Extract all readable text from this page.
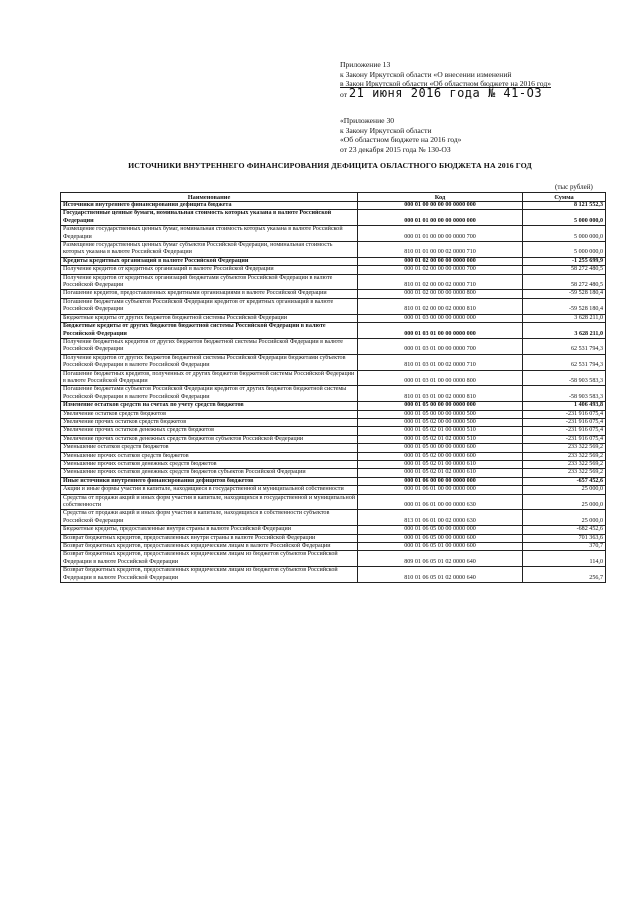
Приложение 13
к Закону Иркутской области «О внесении изменений
в Закон Иркутской области «Об областном бюджете на 2016 год»
от 21 июня 2016 года № 41-ОЗ
«Приложение 30
к Закону Иркутской области
«Об областном бюджете на 2016 год»
от 23 декабря 2015 года № 130-ОЗ
ИСТОЧНИКИ ВНУТРЕННЕГО ФИНАНСИРОВАНИЯ ДЕФИЦИТА ОБЛАСТНОГО БЮДЖЕТА НА 2016 ГОД
(тыс рублей)
Наименование	Код	Сумма
Источники внутреннего финансирования дефицита бюджета	000 01 00 00 00 00 0000 000	8 121 552,3
Государственные ценные бумаги, номинальная стоимость которых указана в валюте Российской Федерации	000 01 01 00 00 00 0000 000	5 000 000,0
Размещение государственных ценных бумаг, номинальная стоимость которых указана в валюте Российской Федерации	000 01 01 00 00 00 0000 700	5 000 000,0
Размещение государственных ценных бумаг субъектов Российской Федерации, номинальная стоимость которых указана в валюте Российской Федерации	810 01 01 00 00 02 0000 710	5 000 000,0
Кредиты кредитных организаций в валюте Российской Федерации	000 01 02 00 00 00 0000 000	-1 255 699,9
Получение кредитов от кредитных организаций в валюте Российской Федерации	000 01 02 00 00 00 0000 700	58 272 480,5
Получение кредитов от кредитных организаций бюджетами субъектов Российской Федерации в валюте Российской Федерации	810 01 02 00 00 02 0000 710	58 272 480,5
Погашение кредитов, предоставленных кредитными организациями в валюте Российской Федерации	000 01 02 00 00 00 0000 800	-59 528 180,4
Погашение бюджетами субъектов Российской Федерации кредитов от кредитных организаций в валюте Российской Федерации	810 01 02 00 00 02 0000 810	-59 528 180,4
Бюджетные кредиты от других бюджетов бюджетной системы Российской Федерации	000 01 03 00 00 00 0000 000	3 628 211,0
Бюджетные кредиты от других бюджетов бюджетной системы Российской Федерации в валюте Российской Федерации	000 01 03 01 00 00 0000 000	3 628 211,0
Получение бюджетных кредитов от других бюджетов бюджетной системы Российской Федерации в валюте Российской Федерации	000 01 03 01 00 00 0000 700	62 531 794,3
Получение кредитов от других бюджетов бюджетной системы Российской Федерации бюджетами субъектов Российской Федерации в валюте Российской Федерации	810 01 03 01 00 02 0000 710	62 531 794,3
Погашение бюджетных кредитов, полученных от других бюджетов бюджетной системы Российской Федерации в валюте Российской Федерации	000 01 03 01 00 00 0000 800	-58 903 583,3
Погашение бюджетами субъектов Российской Федерации кредитов от других бюджетов бюджетной системы Российской Федерации в валюте Российской Федерации	810 01 03 01 00 02 0000 810	-58 903 583,3
Изменение остатков средств на счетах по учету средств бюджетов	000 01 05 00 00 00 0000 000	1 406 493,8
Увеличение остатков средств бюджетов	000 01 05 00 00 00 0000 500	-231 916 075,4
Увеличение прочих остатков средств бюджетов	000 01 05 02 00 00 0000 500	-231 916 075,4
Увеличение прочих остатков денежных средств бюджетов	000 01 05 02 01 00 0000 510	-231 916 075,4
Увеличение прочих остатков денежных средств бюджетов субъектов Российской Федерации	000 01 05 02 01 02 0000 510	-231 916 075,4
Уменьшение остатков средств бюджетов	000 01 05 00 00 00 0000 600	233 322 569,2
Уменьшение прочих остатков средств бюджетов	000 01 05 02 00 00 0000 600	233 322 569,2
Уменьшение прочих остатков денежных средств бюджетов	000 01 05 02 01 00 0000 610	233 322 569,2
Уменьшение прочих остатков денежных средств бюджетов субъектов Российской Федерации	000 01 05 02 01 02 0000 610	233 322 569,2
Иные источники внутреннего финансирования дефицитов бюджетов	000 01 06 00 00 00 0000 000	-657 452,6
Акции и иные формы участия в капитале, находящиеся в государственной и муниципальной собственности	000 01 06 01 00 00 0000 000	25 000,0
Средства от продажи акций и иных форм участия в капитале, находящихся в государственной и муниципальной собственности	000 01 06 01 00 00 0000 630	25 000,0
Средства от продажи акций и иных форм участия в капитале, находящихся в собственности субъектов Российской Федерации	813 01 06 01 00 02 0000 630	25 000,0
Бюджетные кредиты, предоставленные внутри страны в валюте Российской Федерации	000 01 06 05 00 00 0000 000	-682 452,6
Возврат бюджетных кредитов, предоставленных внутри страны в валюте Российской Федерации	000 01 06 05 00 00 0000 600	701 363,6
Возврат бюджетных кредитов, предоставленных юридическим лицам в валюте Российской Федерации	000 01 06 05 01 00 0000 600	370,7
Возврат бюджетных кредитов, предоставленных юридическим лицам из бюджетов субъектов Российской Федерации в валюте Российской Федерации	809 01 06 05 01 02 0000 640	114,0
Возврат бюджетных кредитов, предоставленных юридическим лицам из бюджетов субъектов Российской Федерации в валюте Российской Федерации	810 01 06 05 01 02 0000 640	256,7
